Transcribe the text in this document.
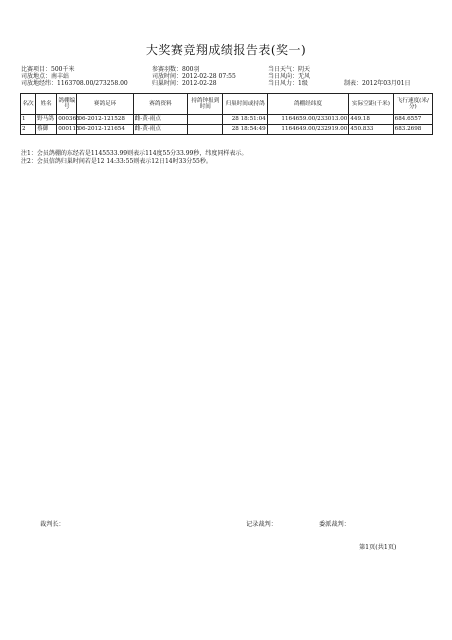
大奖赛竞翔成绩报告表(奖一)
比赛项目：500千米	参赛羽数：800羽	当日天气：阴天
司放地点：南丰站	司放时间：2012-02-28 07:55	当日风向：无风
司放地经纬：1163708.00/273258.00	归巢时间：2012-02-28	当日风力：1级	制表：2012年03月01日
名次	姓名	鸽棚编号	赛鸽足环	赛鸽资料	持鸽钟报到时间	归巢时间或持鸽	鸽棚经纬度	实际空距(千米)	飞行速度(米/分)
1	野马鸽	000365	06-2012-121528	雌-黄-雨点		28 18:51:04	1164659.00/233013.00	449.18	684.6557
2	蔡御	000115	06-2012-121654	雌-黄-雨点		28 18:54:49	1164649.00/232919.00	450.833	683.2698
注1：会员鸽棚的东经若是1145533.99则表示114度55分33.99秒，纬度同样表示。
注2：会员信鸽归巢时间若是12 14:33:55则表示12日14时33分55秒。
裁判长：	记录裁判：	委派裁判：
第1页(共1页)
